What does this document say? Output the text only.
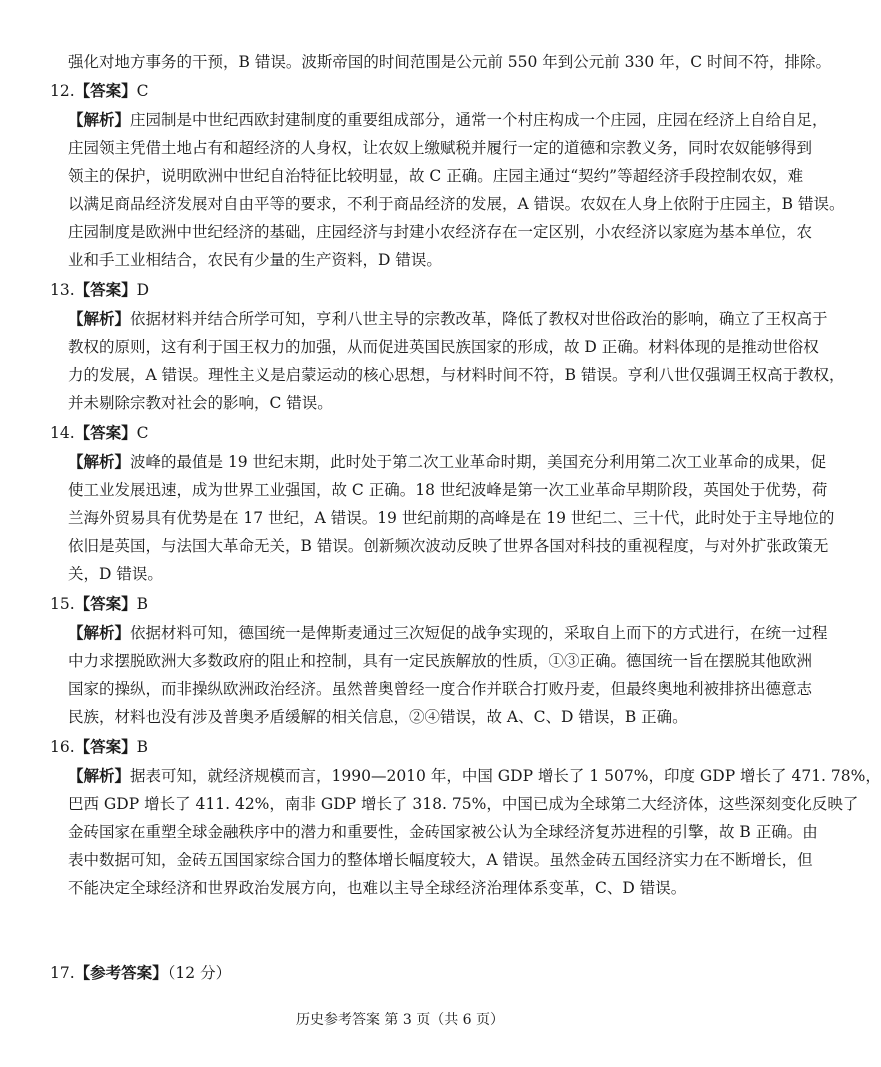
强化对地方事务的干预，B 错误。波斯帝国的时间范围是公元前 550 年到公元前 330 年，C 时间不符，排除。
12.【答案】C
【解析】庄园制是中世纪西欧封建制度的重要组成部分，通常一个村庄构成一个庄园，庄园在经济上自给自足，
庄园领主凭借土地占有和超经济的人身权，让农奴上缴赋税并履行一定的道德和宗教义务，同时农奴能够得到
领主的保护，说明欧洲中世纪自治特征比较明显，故 C 正确。庄园主通过“契约”等超经济手段控制农奴，难
以满足商品经济发展对自由平等的要求，不利于商品经济的发展，A 错误。农奴在人身上依附于庄园主，B 错误。
庄园制度是欧洲中世纪经济的基础，庄园经济与封建小农经济存在一定区别，小农经济以家庭为基本单位，农
业和手工业相结合，农民有少量的生产资料，D 错误。
13.【答案】D
【解析】依据材料并结合所学可知，亨利八世主导的宗教改革，降低了教权对世俗政治的影响，确立了王权高于
教权的原则，这有利于国王权力的加强，从而促进英国民族国家的形成，故 D 正确。材料体现的是推动世俗权
力的发展，A 错误。理性主义是启蒙运动的核心思想，与材料时间不符，B 错误。亨利八世仅强调王权高于教权，
并未剔除宗教对社会的影响，C 错误。
14.【答案】C
【解析】波峰的最值是 19 世纪末期，此时处于第二次工业革命时期，美国充分利用第二次工业革命的成果，促
使工业发展迅速，成为世界工业强国，故 C 正确。18 世纪波峰是第一次工业革命早期阶段，英国处于优势，荷
兰海外贸易具有优势是在 17 世纪，A 错误。19 世纪前期的高峰是在 19 世纪二、三十代，此时处于主导地位的
依旧是英国，与法国大革命无关，B 错误。创新频次波动反映了世界各国对科技的重视程度，与对外扩张政策无
关，D 错误。
15.【答案】B
【解析】依据材料可知，德国统一是俾斯麦通过三次短促的战争实现的，采取自上而下的方式进行，在统一过程
中力求摆脱欧洲大多数政府的阻止和控制，具有一定民族解放的性质，①③正确。德国统一旨在摆脱其他欧洲
国家的操纵，而非操纵欧洲政治经济。虽然普奥曾经一度合作并联合打败丹麦，但最终奥地利被排挤出德意志
民族，材料也没有涉及普奥矛盾缓解的相关信息，②④错误，故 A、C、D 错误，B 正确。
16.【答案】B
【解析】据表可知，就经济规模而言，1990—2010 年，中国 GDP 增长了 1 507%，印度 GDP 增长了 471. 78%，
巴西 GDP 增长了 411. 42%，南非 GDP 增长了 318. 75%，中国已成为全球第二大经济体，这些深刻变化反映了
金砖国家在重塑全球金融秩序中的潜力和重要性，金砖国家被公认为全球经济复苏进程的引擎，故 B 正确。由
表中数据可知，金砖五国国家综合国力的整体增长幅度较大，A 错误。虽然金砖五国经济实力在不断增长，但
不能决定全球经济和世界政治发展方向，也难以主导全球经济治理体系变革，C、D 错误。
17.【参考答案】（12 分）
历史参考答案 第 3 页（共 6 页）
